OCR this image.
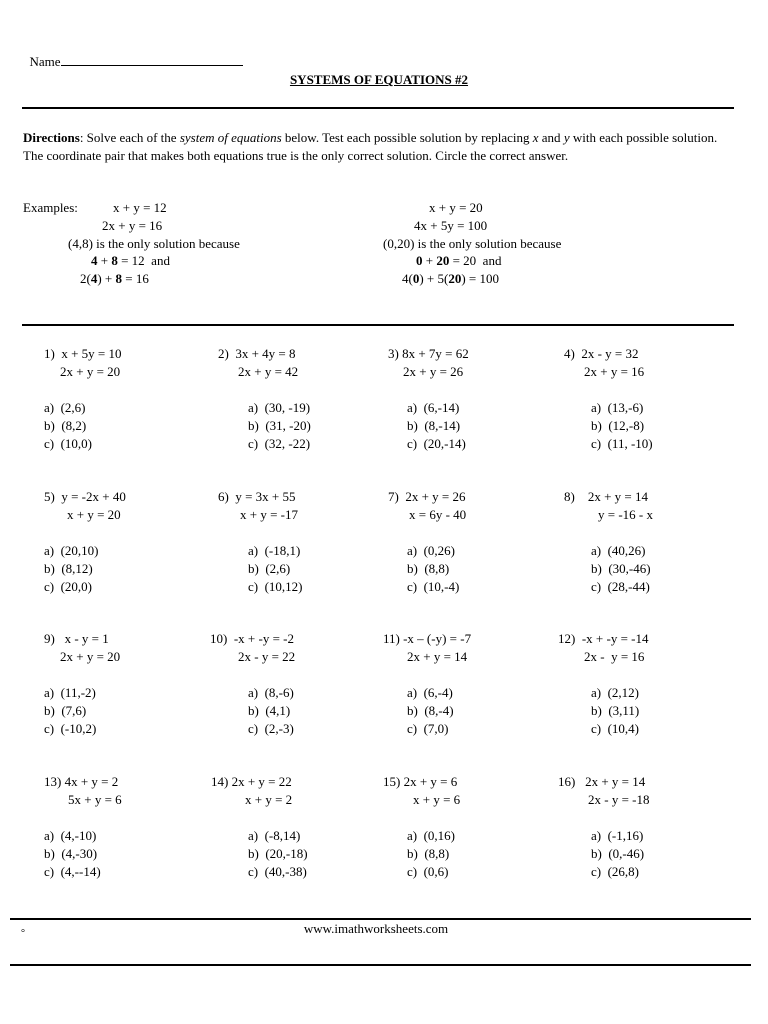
Name

SYSTEMS OF EQUATIONS #2
Directions: Solve each of the system of equations below. Test each possible solution by replacing x and y with each possible solution. The coordinate pair that makes both equations true is the only correct solution. Circle the correct answer.
Examples:	x + y = 12
2x + y = 16
(4,8) is the only solution because
4 + 8 = 12  and
2(4) + 8 = 16
x + y = 20
4x + 5y = 100
(0,20) is the only solution because
0 + 20 = 20  and
4(0) + 5(20) = 100
1)  x + 5y = 10
2x + y = 20
a)  (2,6)
b)  (8,2)
c)  (10,0)
2)  3x + 4y = 8
2x + y = 42
a)  (30, -19)
b)  (31, -20)
c)  (32, -22)
3) 8x + 7y = 62
2x + y = 26
a)  (6,-14)
b)  (8,-14)
c)  (20,-14)
4)  2x - y = 32
2x + y = 16
a)  (13,-6)
b)  (12,-8)
c)  (11, -10)
5)  y = -2x + 40
x + y = 20
a)  (20,10)
b)  (8,12)
c)  (20,0)
6)  y = 3x + 55
x + y = -17
a)  (-18,1)
b)  (2,6)
c)  (10,12)
7)  2x + y = 26
x = 6y - 40
a)  (0,26)
b)  (8,8)
c)  (10,-4)
8)    2x + y = 14
y = -16 - x
a)  (40,26)
b)  (30,-46)
c)  (28,-44)
9)   x - y = 1
2x + y = 20
a)  (11,-2)
b)  (7,6)
c)  (-10,2)
10)  -x + -y = -2
2x - y = 22
a)  (8,-6)
b)  (4,1)
c)  (2,-3)
11) -x – (-y) = -7
2x + y = 14
a)  (6,-4)
b)  (8,-4)
c)  (7,0)
12)  -x + -y = -14
2x -  y = 16
a)  (2,12)
b)  (3,11)
c)  (10,4)
13) 4x + y = 2
5x + y = 6
a)  (4,-10)
b)  (4,-30)
c)  (4,--14)
14) 2x + y = 22
x + y = 2
a)  (-8,14)
b)  (20,-18)
c)  (40,-38)
15) 2x + y = 6
x + y = 6
a)  (0,16)
b)  (8,8)
c)  (0,6)
16)   2x + y = 14
2x - y = -18
a)  (-1,16)
b)  (0,-46)
c)  (26,8)
www.imathworksheets.com
°
